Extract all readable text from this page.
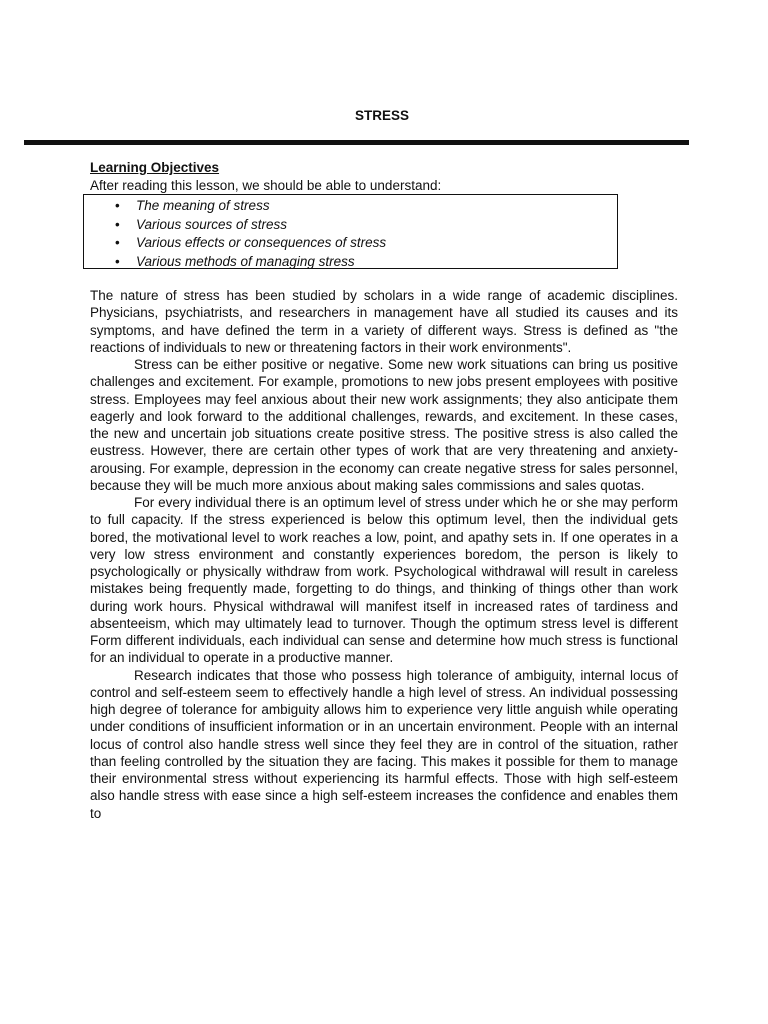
STRESS
Learning Objectives
After reading this lesson, we should be able to understand:
• The meaning of stress
• Various sources of stress
• Various effects or consequences of stress
• Various methods of managing stress

The nature of stress has been studied by scholars in a wide range of academic disciplines. Physicians, psychiatrists, and researchers in management have all studied its causes and its symptoms, and have defined the term in a variety of different ways. Stress is defined as "the reactions of individuals to new or threatening factors in their work environments".

Stress can be either positive or negative. Some new work situations can bring us positive challenges and excitement. For example, promotions to new jobs present employees with positive stress. Employees may feel anxious about their new work assignments; they also anticipate them eagerly and look forward to the additional challenges, rewards, and excitement. In these cases, the new and uncertain job situations create positive stress. The positive stress is also called the eustress. However, there are certain other types of work that are very threatening and anxiety-arousing. For example, depression in the economy can create negative stress for sales personnel, because they will be much more anxious about making sales commissions and sales quotas.

For every individual there is an optimum level of stress under which he or she may perform to full capacity. If the stress experienced is below this optimum level, then the individual gets bored, the motivational level to work reaches a low, point, and apathy sets in. If one operates in a very low stress environment and constantly experiences boredom, the person is likely to psychologically or physically withdraw from work. Psychological withdrawal will result in careless mistakes being frequently made, forgetting to do things, and thinking of things other than work during work hours. Physical withdrawal will manifest itself in increased rates of tardiness and absenteeism, which may ultimately lead to turnover. Though the optimum stress level is different Form different individuals, each individual can sense and determine how much stress is functional for an individual to operate in a productive manner.

Research indicates that those who possess high tolerance of ambiguity, internal locus of control and self-esteem seem to effectively handle a high level of stress. An individual possessing high degree of tolerance for ambiguity allows him to experience very little anguish while operating under conditions of insufficient information or in an uncertain environment. People with an internal locus of control also handle stress well since they feel they are in control of the situation, rather than feeling controlled by the situation they are facing. This makes it possible for them to manage their environmental stress without experiencing its harmful effects. Those with high self-esteem also handle stress with ease since a high self-esteem increases the confidence and enables them to
